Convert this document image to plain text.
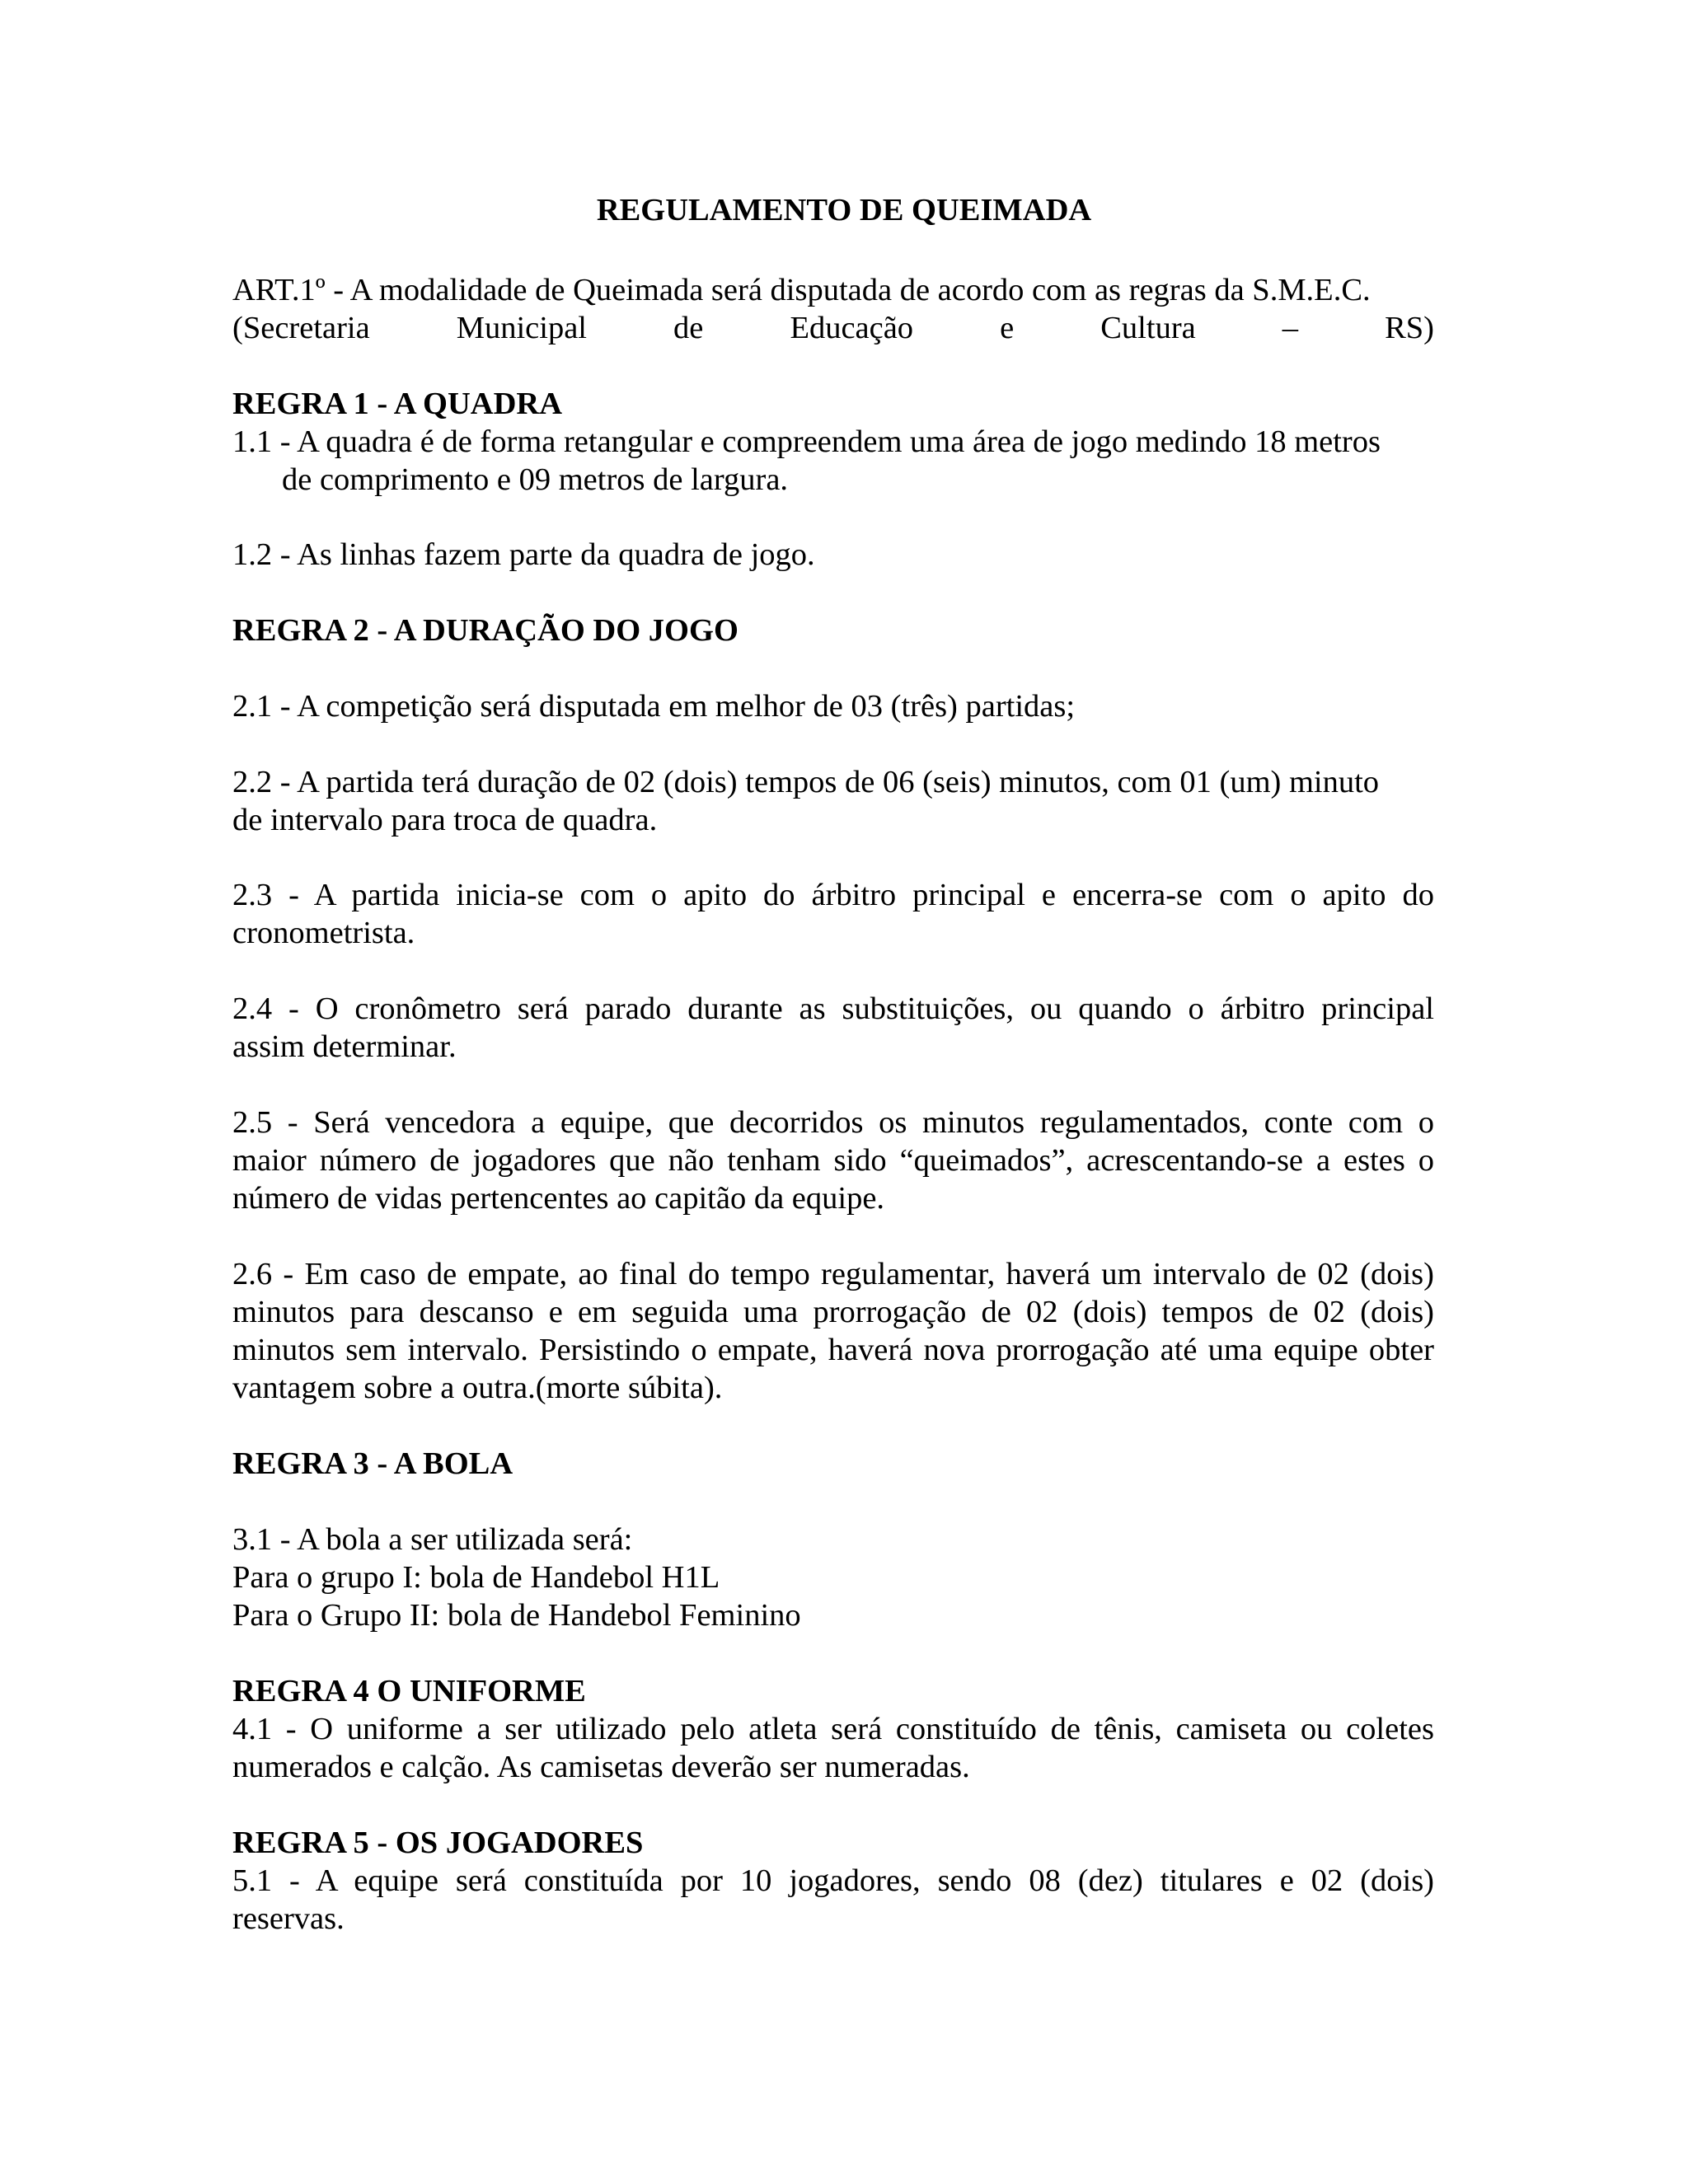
REGULAMENTO DE QUEIMADA
ART.1º - A modalidade de Queimada será disputada de acordo com as regras da S.M.E.C.
(Secretaria Municipal de Educação e Cultura – RS)
REGRA 1 - A QUADRA
1.1 - A quadra é de forma retangular e compreendem uma área de jogo medindo 18 metros
de comprimento e 09 metros de largura.
1.2 - As linhas fazem parte da quadra de jogo.
REGRA 2 - A DURAÇÃO DO JOGO
2.1 - A competição será disputada em melhor de 03 (três) partidas;
2.2 - A partida terá duração de 02 (dois) tempos de 06 (seis) minutos, com 01 (um) minuto
de intervalo para troca de quadra.
2.3 - A partida inicia-se com o apito do árbitro principal e encerra-se com o apito do
cronometrista.
2.4 - O cronômetro será parado durante as substituições, ou quando o árbitro principal
assim determinar.
2.5 - Será vencedora a equipe, que decorridos os minutos regulamentados, conte com o
maior número de jogadores que não tenham sido “queimados”, acrescentando-se a estes o
número de vidas pertencentes ao capitão da equipe.
2.6 - Em caso de empate, ao final do tempo regulamentar, haverá um intervalo de 02 (dois)
minutos para descanso e em seguida uma prorrogação de 02 (dois) tempos de 02 (dois)
minutos sem intervalo. Persistindo o empate, haverá nova prorrogação até uma equipe obter
vantagem sobre a outra.(morte súbita).
REGRA 3 - A BOLA
3.1 - A bola a ser utilizada será:
Para o grupo I: bola de Handebol H1L
Para o Grupo II: bola de Handebol Feminino
REGRA 4 O UNIFORME
4.1 - O uniforme a ser utilizado pelo atleta será constituído de tênis, camiseta ou coletes
numerados e calção. As camisetas deverão ser numeradas.
REGRA 5 - OS JOGADORES
5.1 - A equipe será constituída por 10 jogadores, sendo 08 (dez) titulares e 02 (dois)
reservas.
